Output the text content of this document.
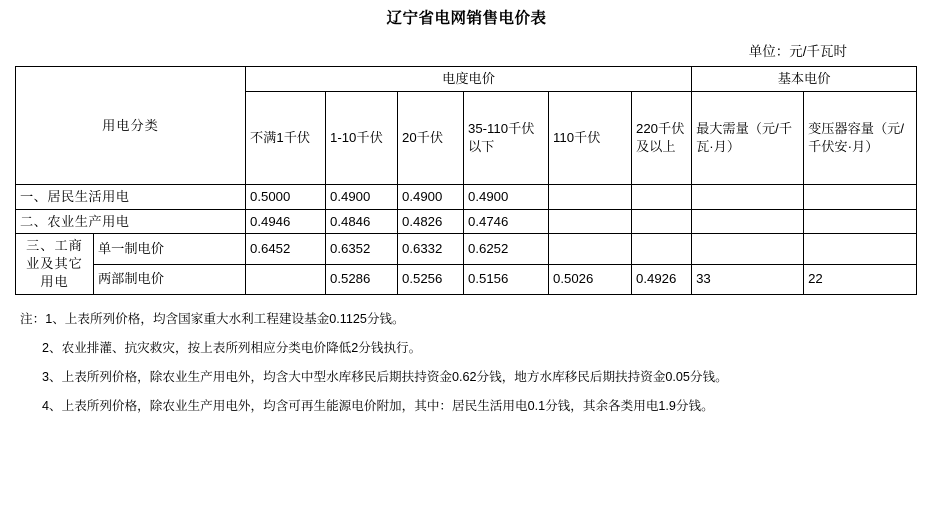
辽宁省电网销售电价表
单位：元/千瓦时
用电分类		电度电价						基本电价	
		不满1千伏	1-10千伏	20千伏	35-110千伏以下	110千伏	220千伏及以上	最大需量（元/千瓦·月）	变压器容量（元/千伏安·月）
一、居民生活用电		0.5000	0.4900	0.4900	0.4900				
二、农业生产用电		0.4946	0.4846	0.4826	0.4746				
三、工商业及其它用电	单一制电价	0.6452	0.6352	0.6332	0.6252				
	两部制电价		0.5286	0.5256	0.5156	0.5026	0.4926	33	22
注：1、上表所列价格，均含国家重大水利工程建设基金0.1125分钱。
2、农业排灌、抗灾救灾，按上表所列相应分类电价降低2分钱执行。
3、上表所列价格，除农业生产用电外，均含大中型水库移民后期扶持资金0.62分钱，地方水库移民后期扶持资金0.05分钱。
4、上表所列价格，除农业生产用电外，均含可再生能源电价附加，其中：居民生活用电0.1分钱，其余各类用电1.9分钱。
